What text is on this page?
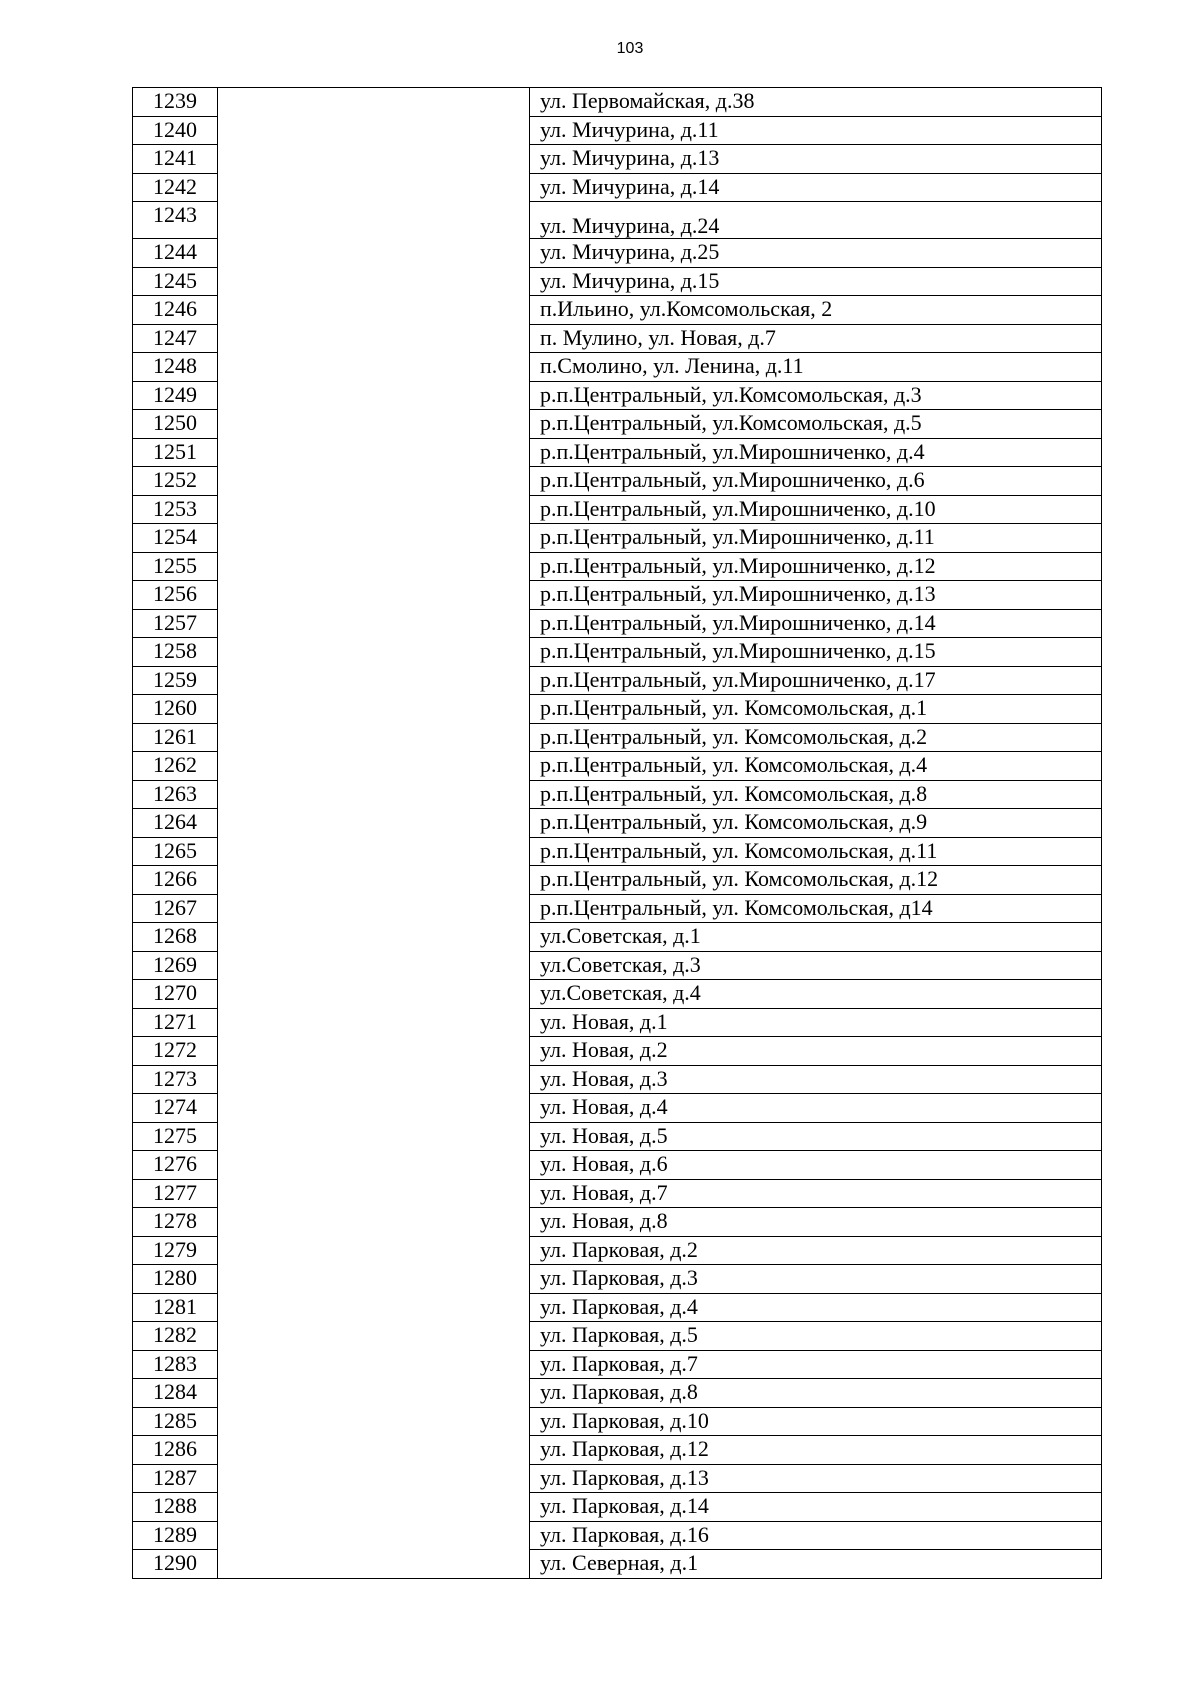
103
1239		ул. Первомайская, д.38
1240		ул. Мичурина, д.11
1241		ул. Мичурина, д.13
1242		ул. Мичурина, д.14
1243		ул. Мичурина, д.24
1244		ул. Мичурина, д.25
1245		ул. Мичурина, д.15
1246		п.Ильино, ул.Комсомольская, 2
1247		п. Мулино, ул. Новая, д.7
1248		п.Смолино, ул. Ленина, д.11
1249		р.п.Центральный, ул.Комсомольская, д.3
1250		р.п.Центральный, ул.Комсомольская, д.5
1251		р.п.Центральный, ул.Мирошниченко, д.4
1252		р.п.Центральный, ул.Мирошниченко, д.6
1253		р.п.Центральный, ул.Мирошниченко, д.10
1254		р.п.Центральный, ул.Мирошниченко, д.11
1255		р.п.Центральный, ул.Мирошниченко, д.12
1256		р.п.Центральный, ул.Мирошниченко, д.13
1257		р.п.Центральный, ул.Мирошниченко, д.14
1258		р.п.Центральный, ул.Мирошниченко, д.15
1259		р.п.Центральный, ул.Мирошниченко, д.17
1260		р.п.Центральный, ул. Комсомольская, д.1
1261		р.п.Центральный, ул. Комсомольская, д.2
1262		р.п.Центральный, ул. Комсомольская, д.4
1263		р.п.Центральный, ул. Комсомольская, д.8
1264		р.п.Центральный, ул. Комсомольская, д.9
1265		р.п.Центральный, ул. Комсомольская, д.11
1266		р.п.Центральный, ул. Комсомольская, д.12
1267		р.п.Центральный, ул. Комсомольская, д14
1268		ул.Советская, д.1
1269		ул.Советская, д.3
1270		ул.Советская, д.4
1271		ул. Новая, д.1
1272		ул. Новая, д.2
1273		ул. Новая, д.3
1274		ул. Новая, д.4
1275		ул. Новая, д.5
1276		ул. Новая, д.6
1277		ул. Новая, д.7
1278		ул. Новая, д.8
1279		ул. Парковая, д.2
1280		ул. Парковая, д.3
1281		ул. Парковая, д.4
1282		ул. Парковая, д.5
1283		ул. Парковая, д.7
1284		ул. Парковая, д.8
1285		ул. Парковая, д.10
1286		ул. Парковая, д.12
1287		ул. Парковая, д.13
1288		ул. Парковая, д.14
1289		ул. Парковая, д.16
1290		ул. Северная, д.1
